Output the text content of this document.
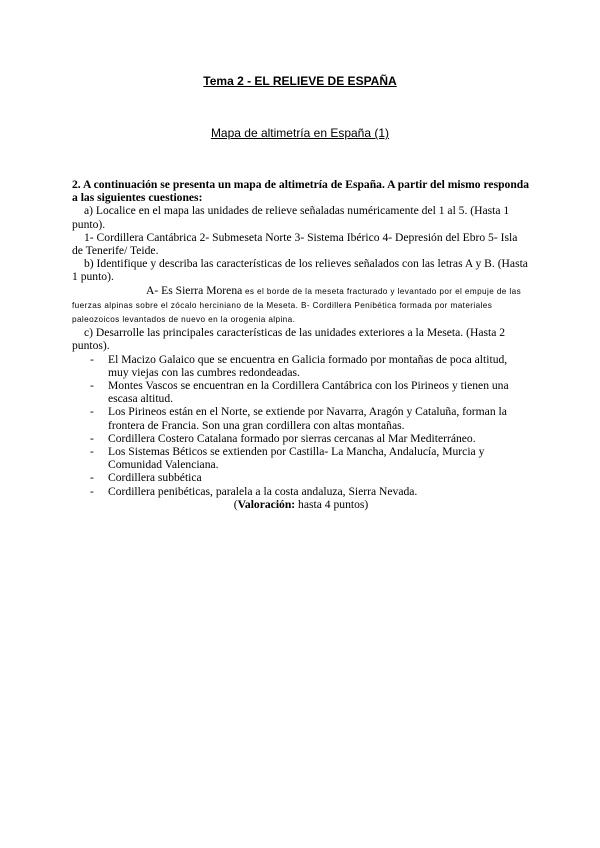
Tema 2 - EL RELIEVE DE ESPAÑA
Mapa de altimetría en España (1)

2. A continuación se presenta un mapa de altimetría de España. A partir del mismo responda a las siguientes cuestiones:

a) Localice en el mapa las unidades de relieve señaladas numéricamente del 1 al 5. (Hasta 1 punto).

1- Cordillera Cantábrica 2- Submeseta Norte 3- Sistema Ibérico 4- Depresión del Ebro 5- Isla de Tenerife/ Teide.

b) Identifique y describa las características de los relieves señalados con las letras A y B. (Hasta 1 punto).

A- Es Sierra Morena es el borde de la meseta fracturado y levantado por el empuje de las fuerzas alpinas sobre el zócalo herciniano de la Meseta. B- Cordillera Penibética formada por materiales paleozoicos levantados de nuevo en la orogenia alpina.

c) Desarrolle las principales características de las unidades exteriores a la Meseta. (Hasta 2 puntos).

- El Macizo Galaico que se encuentra en Galicia formado por montañas de poca altitud, muy viejas con las cumbres redondeadas.
- Montes Vascos se encuentran en la Cordillera Cantábrica con los Pirineos y tienen una escasa altitud.
- Los Pirineos están en el Norte, se extiende por Navarra, Aragón y Cataluña, forman la frontera de Francia. Son una gran cordillera con altas montañas.
- Cordillera Costero Catalana formado por sierras cercanas al Mar Mediterráneo.
- Los Sistemas Béticos se extienden por Castilla- La Mancha, Andalucía, Murcia y Comunidad Valenciana.
- Cordillera subbética
- Cordillera penibéticas, paralela a la costa andaluza, Sierra Nevada.

(Valoración: hasta 4 puntos)
